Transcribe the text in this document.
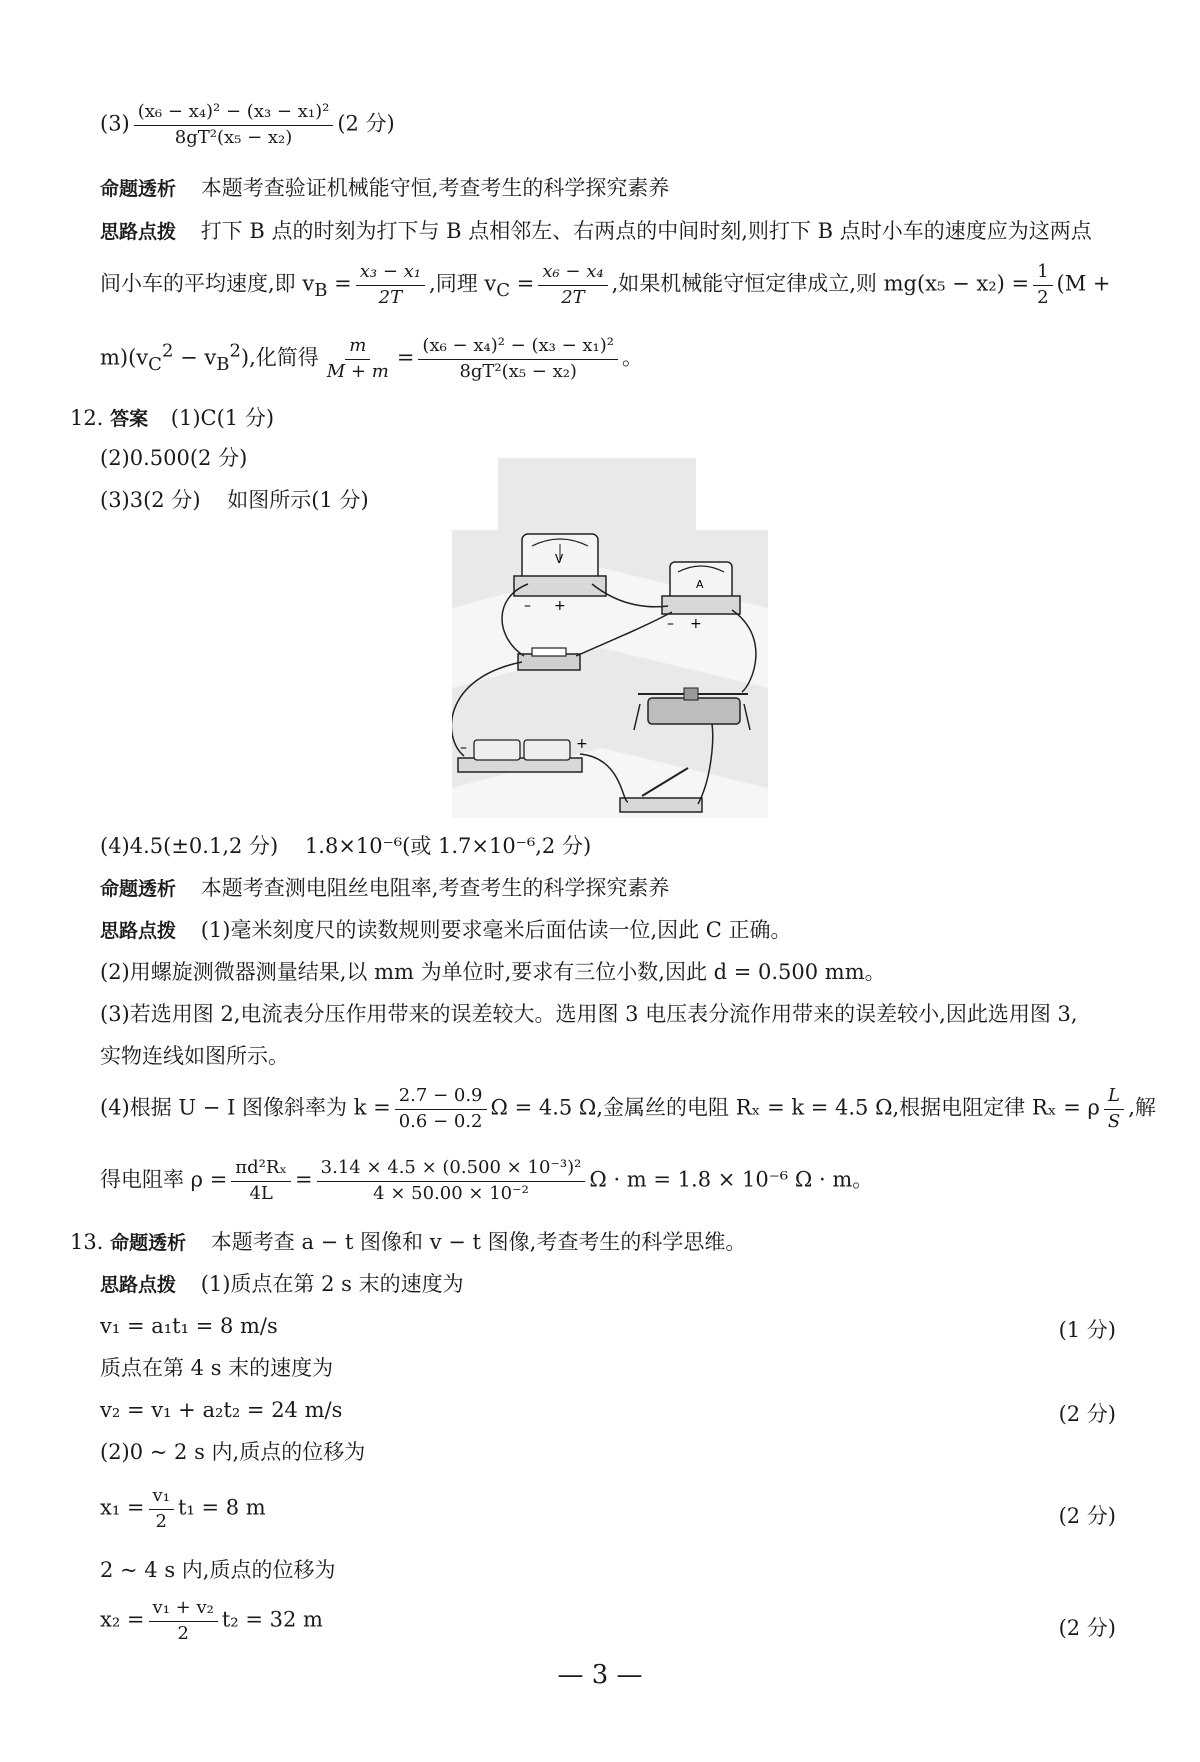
$(3) \frac{\text{(x₆ − x₄)² − (x₃ − x₁)²}}{\text{8gT²(x₅ − x₂)}} (2$ 分)
命题透析 本题考查验证机械能守恒,考查考生的科学探究素养
思路点拨 打下 B 点的时刻为打下与 B 点相邻左、右两点的中间时刻,则打下 B 点时小车的速度应为这两点
间小车的平均速度,即 $v_B = \frac{\text{x₃ − x₁}}{2T}$ ,同理 $v_C = \frac{\text{x₆ − x₄}}{2T}$ ,如果机械能守恒定律成立,则 $mg(x_5 - x_2) = \frac{1}{2} (M$ +
$m)(v_C^2 - v_B^2)$,化简得 $\frac{m}{M + m} = \frac{\text{(x₆ − x₄)² − (x₃ − x₁)²}}{\text{8gT²(x₅ − x₂)}}$ 。
12. 答案 (1)C(1 分)
(2)0.500(2 分)
(3)3(2 分)    如图所示(1 分)
V
– +
A
– +
–	+
(4)4.5(±0.1,2 分)    1.8×10⁻⁶(或 1.7×10⁻⁶,2 分)
命题透析 本题考查测电阻丝电阻率,考查考生的科学探究素养
思路点拨 (1)毫米刻度尺的读数规则要求毫米后面估读一位,因此 C 正确。
(2)用螺旋测微器测量结果,以 mm 为单位时,要求有三位小数,因此 d = 0.500 mm。
(3)若选用图 2,电流表分压作用带来的误差较大。选用图 3 电压表分流作用带来的误差较小,因此选用图 3,
实物连线如图所示。
(4)根据 U − I 图像斜率为 $k = \frac{2.7 - 0.9}{0.6 - 0.2}$ Ω = 4.5 Ω,金属丝的电阻 Rₓ = k = 4.5 Ω,根据电阻定律 Rₓ = ρ $\frac{L}{S}$ ,解
得电阻率 $\rho = \frac{\text{πd²Rₓ}}{4L} = \frac{\text{3.14 × 4.5 × (0.500 × 10⁻³)²}}{\text{4 × 50.00 × 10⁻²}}$ Ω · m = 1.8 × 10⁻⁶ Ω · m。
13. 命题透析 本题考查 a − t 图像和 v − t 图像,考查考生的科学思维。
思路点拨 (1)质点在第 2 s 末的速度为
v₁ = a₁t₁ = 8 m/s	(1 分)
质点在第 4 s 末的速度为
v₂ = v₁ + a₂t₂ = 24 m/s	(2 分)
(2)0 ~ 2 s 内,质点的位移为
$x_1 = \frac{\text{v₁}}{2} t_1 = 8$ m	(2 分)
2 ~ 4 s 内,质点的位移为
$x_2 = \frac{\text{v₁ + v₂}}{2} t_2 = 32$ m	(2 分)
— 3 —
